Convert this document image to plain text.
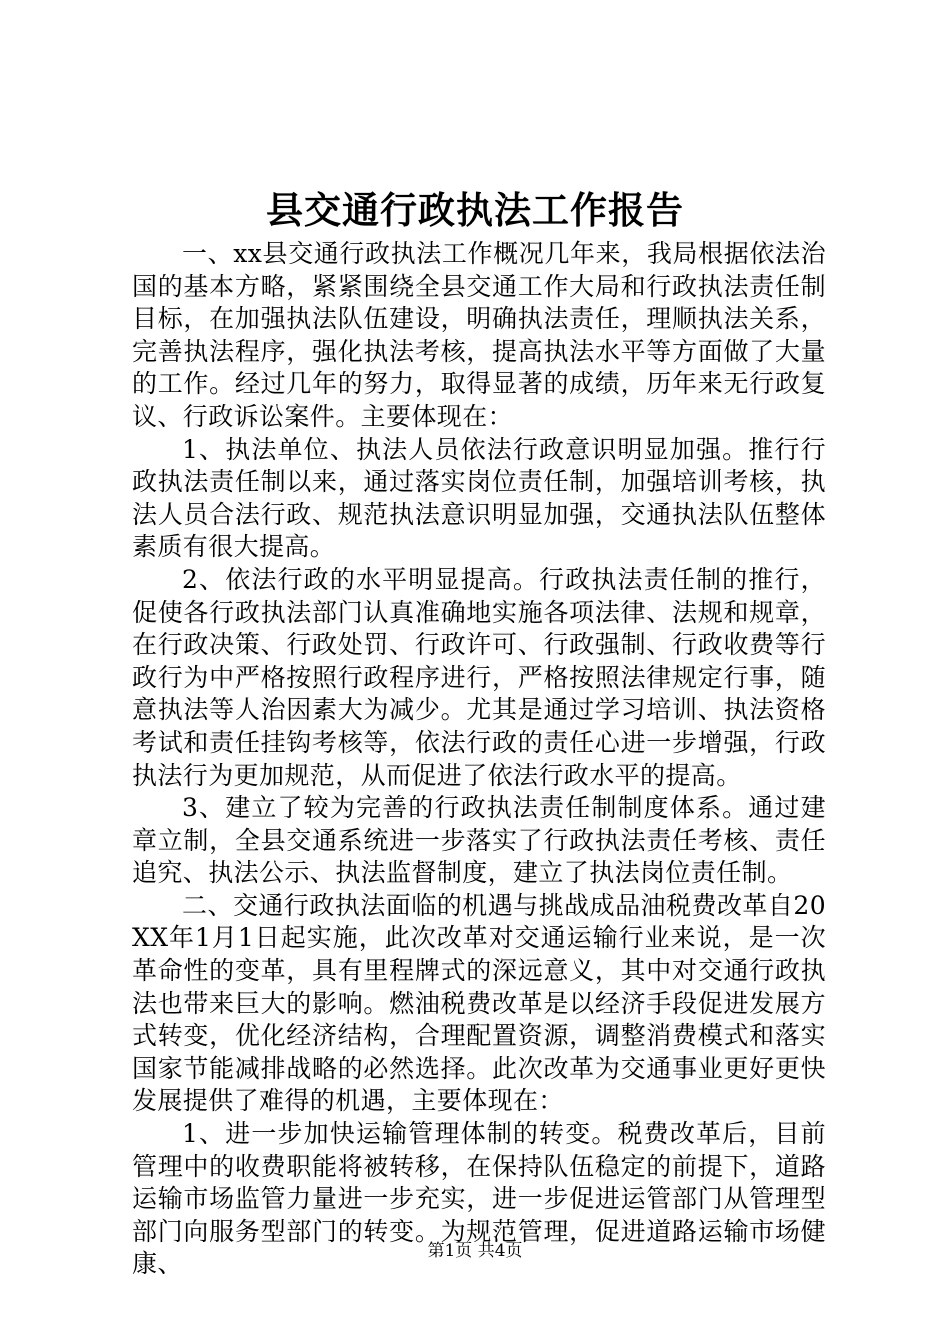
县交通行政执法工作报告

一、xx县交通行政执法工作概况几年来，我局根据依法治国的基本方略，紧紧围绕全县交通工作大局和行政执法责任制目标，在加强执法队伍建设，明确执法责任，理顺执法关系，完善执法程序，强化执法考核，提高执法水平等方面做了大量的工作。经过几年的努力，取得显著的成绩，历年来无行政复议、行政诉讼案件。主要体现在：

1、执法单位、执法人员依法行政意识明显加强。推行行政执法责任制以来，通过落实岗位责任制，加强培训考核，执法人员合法行政、规范执法意识明显加强，交通执法队伍整体素质有很大提高。

2、依法行政的水平明显提高。行政执法责任制的推行，促使各行政执法部门认真准确地实施各项法律、法规和规章，在行政决策、行政处罚、行政许可、行政强制、行政收费等行政行为中严格按照行政程序进行，严格按照法律规定行事，随意执法等人治因素大为减少。尤其是通过学习培训、执法资格考试和责任挂钩考核等，依法行政的责任心进一步增强，行政执法行为更加规范，从而促进了依法行政水平的提高。

3、建立了较为完善的行政执法责任制制度体系。通过建章立制，全县交通系统进一步落实了行政执法责任考核、责任追究、执法公示、执法监督制度，建立了执法岗位责任制。

二、交通行政执法面临的机遇与挑战成品油税费改革自20XX年1月1日起实施，此次改革对交通运输行业来说，是一次革命性的变革，具有里程牌式的深远意义，其中对交通行政执法也带来巨大的影响。燃油税费改革是以经济手段促进发展方式转变，优化经济结构，合理配置资源，调整消费模式和落实国家节能减排战略的必然选择。此次改革为交通事业更好更快发展提供了难得的机遇，主要体现在：

1、进一步加快运输管理体制的转变。税费改革后，目前管理中的收费职能将被转移，在保持队伍稳定的前提下，道路运输市场监管力量进一步充实，进一步促进运管部门从管理型部门向服务型部门的转变。为规范管理，促进道路运输市场健康、	第1页 共4页
